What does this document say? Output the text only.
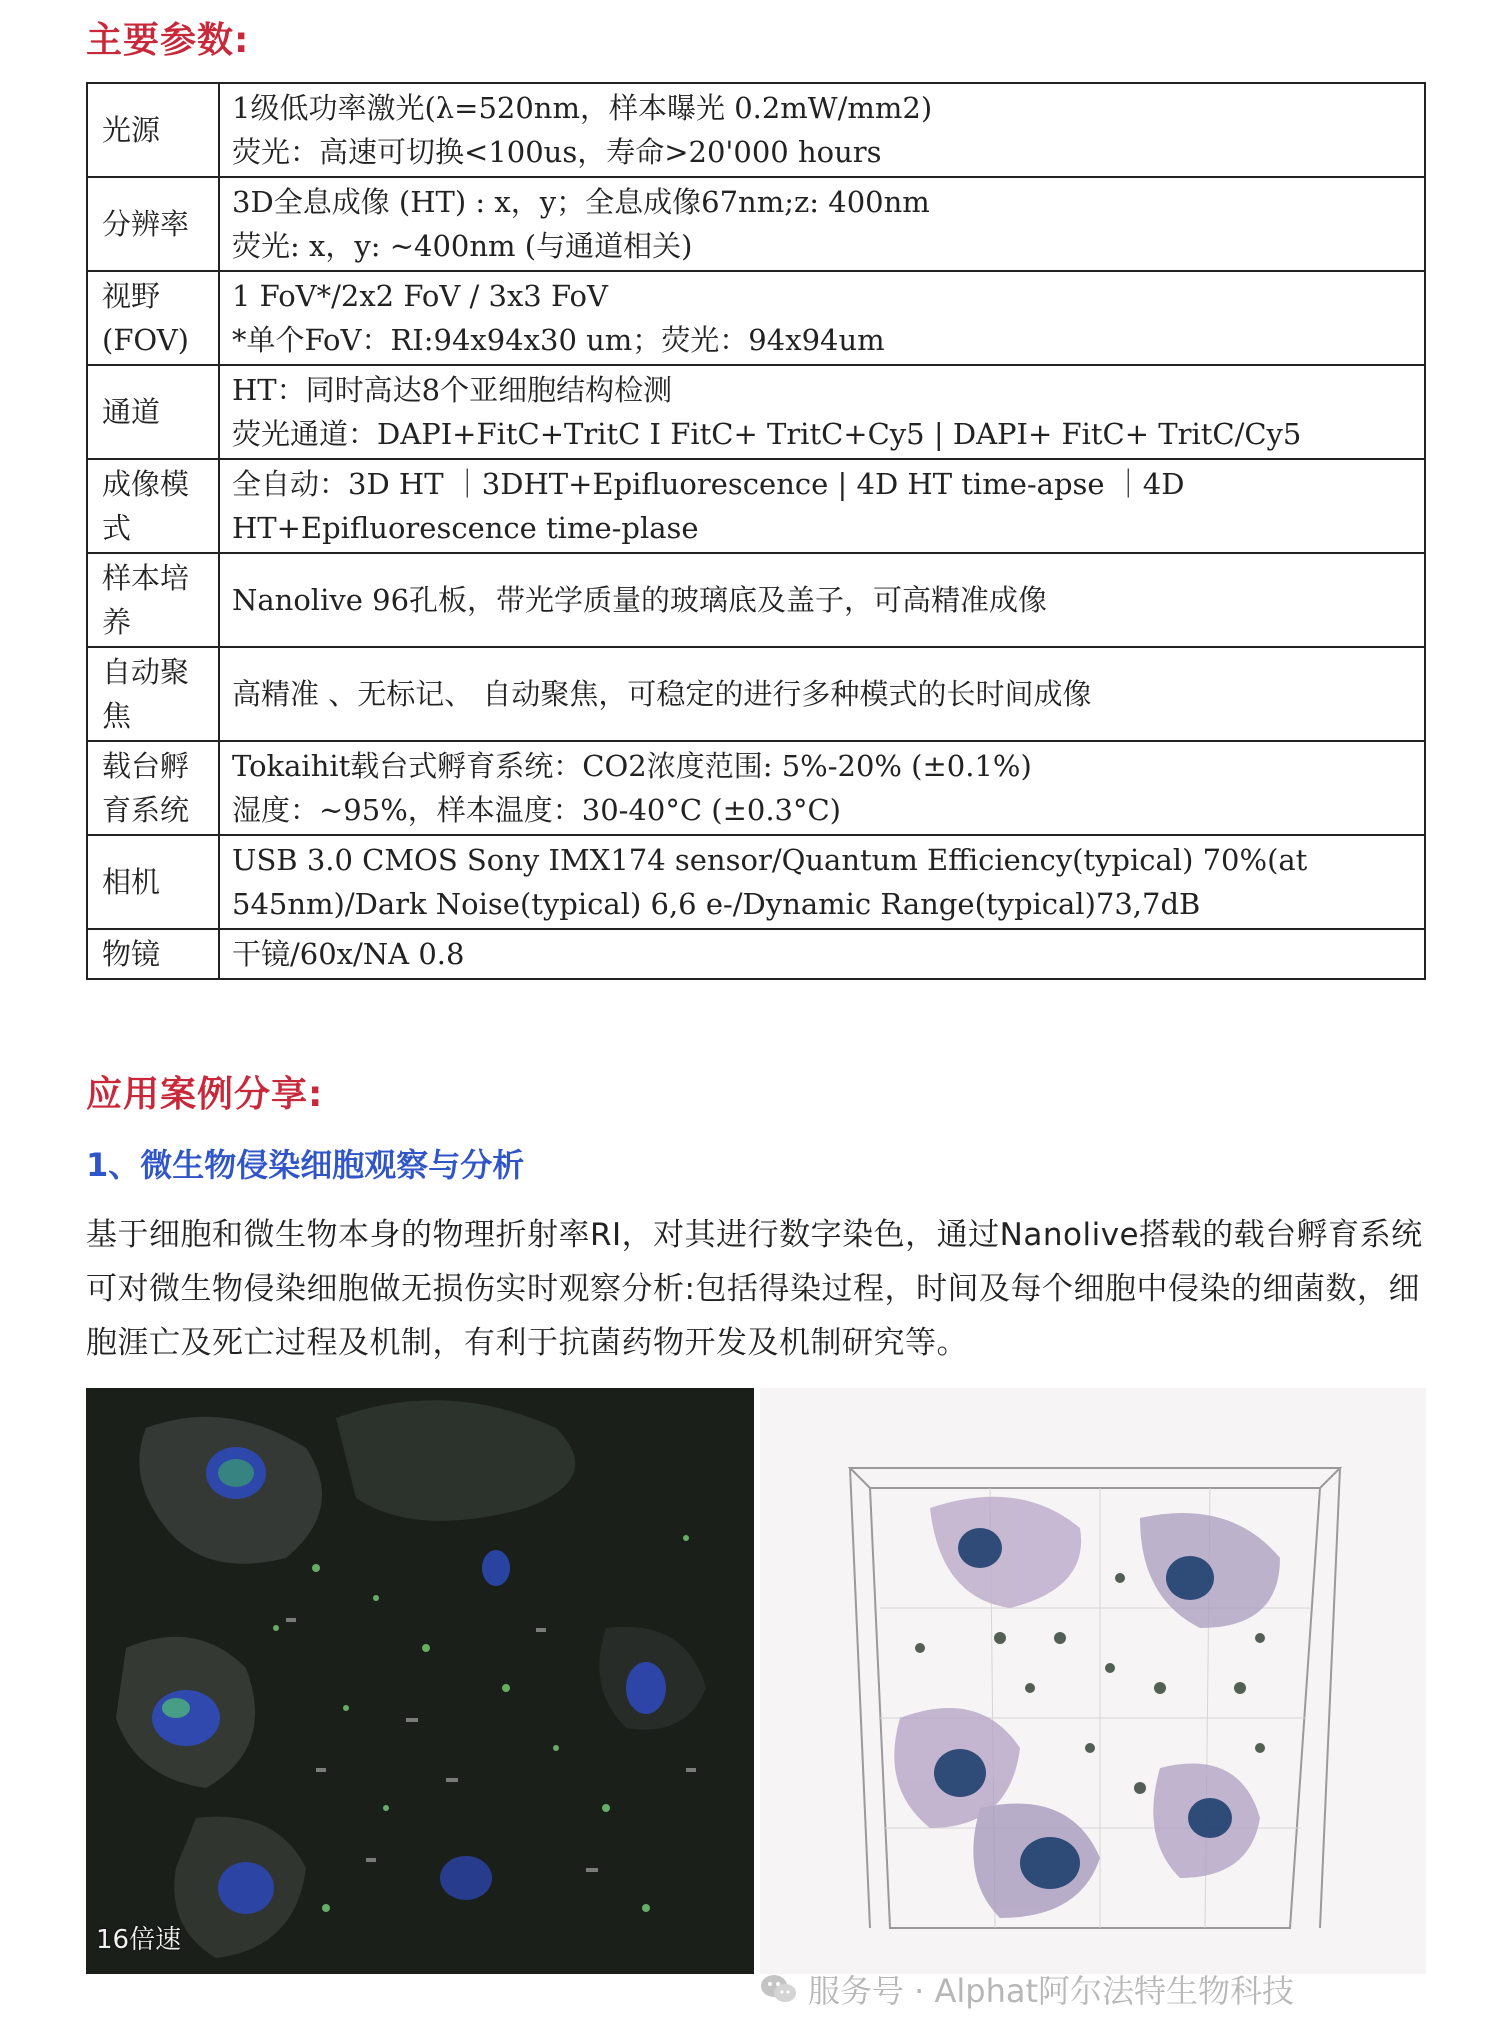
主要参数:
光源	1级低功率激光(λ=520nm，样本曝光 0.2mW/mm2)
荧光：高速可切换<100us，寿命>20'000 hours

分辨率	3D全息成像 (HT) : x，y；全息成像67nm;z: 400nm
荧光: x，y: ~400nm (与通道相关)

视野(FOV)	1 FoV*/2x2 FoV / 3x3 FoV
*单个FoV：RI:94x94x30 um；荧光：94x94um

通道	HT：同时高达8个亚细胞结构检测
荧光通道：DAPI+FitC+TritC I FitC+ TritC+Cy5 | DAPI+ FitC+ TritC/Cy5

成像模式	全自动：3D HT ｜3DHT+Epifluorescence | 4D HT time-apse ｜4D HT+Epifluorescence time-plase

样本培养	Nanolive 96孔板，带光学质量的玻璃底及盖子，可高精准成像

自动聚焦	高精准 、无标记、 自动聚焦，可稳定的进行多种模式的长时间成像

载台孵育系统	Tokaihit载台式孵育系统：CO2浓度范围: 5%-20% (±0.1%)
湿度：~95%，样本温度：30-40°C (±0.3°C)

相机	USB 3.0 CMOS Sony IMX174 sensor/Quantum Efficiency(typical) 70%(at 545nm)/Dark Noise(typical) 6,6 e-/Dynamic Range(typical)73,7dB

物镜	干镜/60x/NA 0.8
应用案例分享:
1、微生物侵染细胞观察与分析
基于细胞和微生物本身的物理折射率RI，对其进行数字染色，通过Nanolive搭载的载台孵育系统可对微生物侵染细胞做无损伤实时观察分析:包括得染过程，时间及每个细胞中侵染的细菌数，细胞涯亡及死亡过程及机制，有利于抗菌药物开发及机制研究等。
16倍速
服务号 · Alphat阿尔法特生物科技
